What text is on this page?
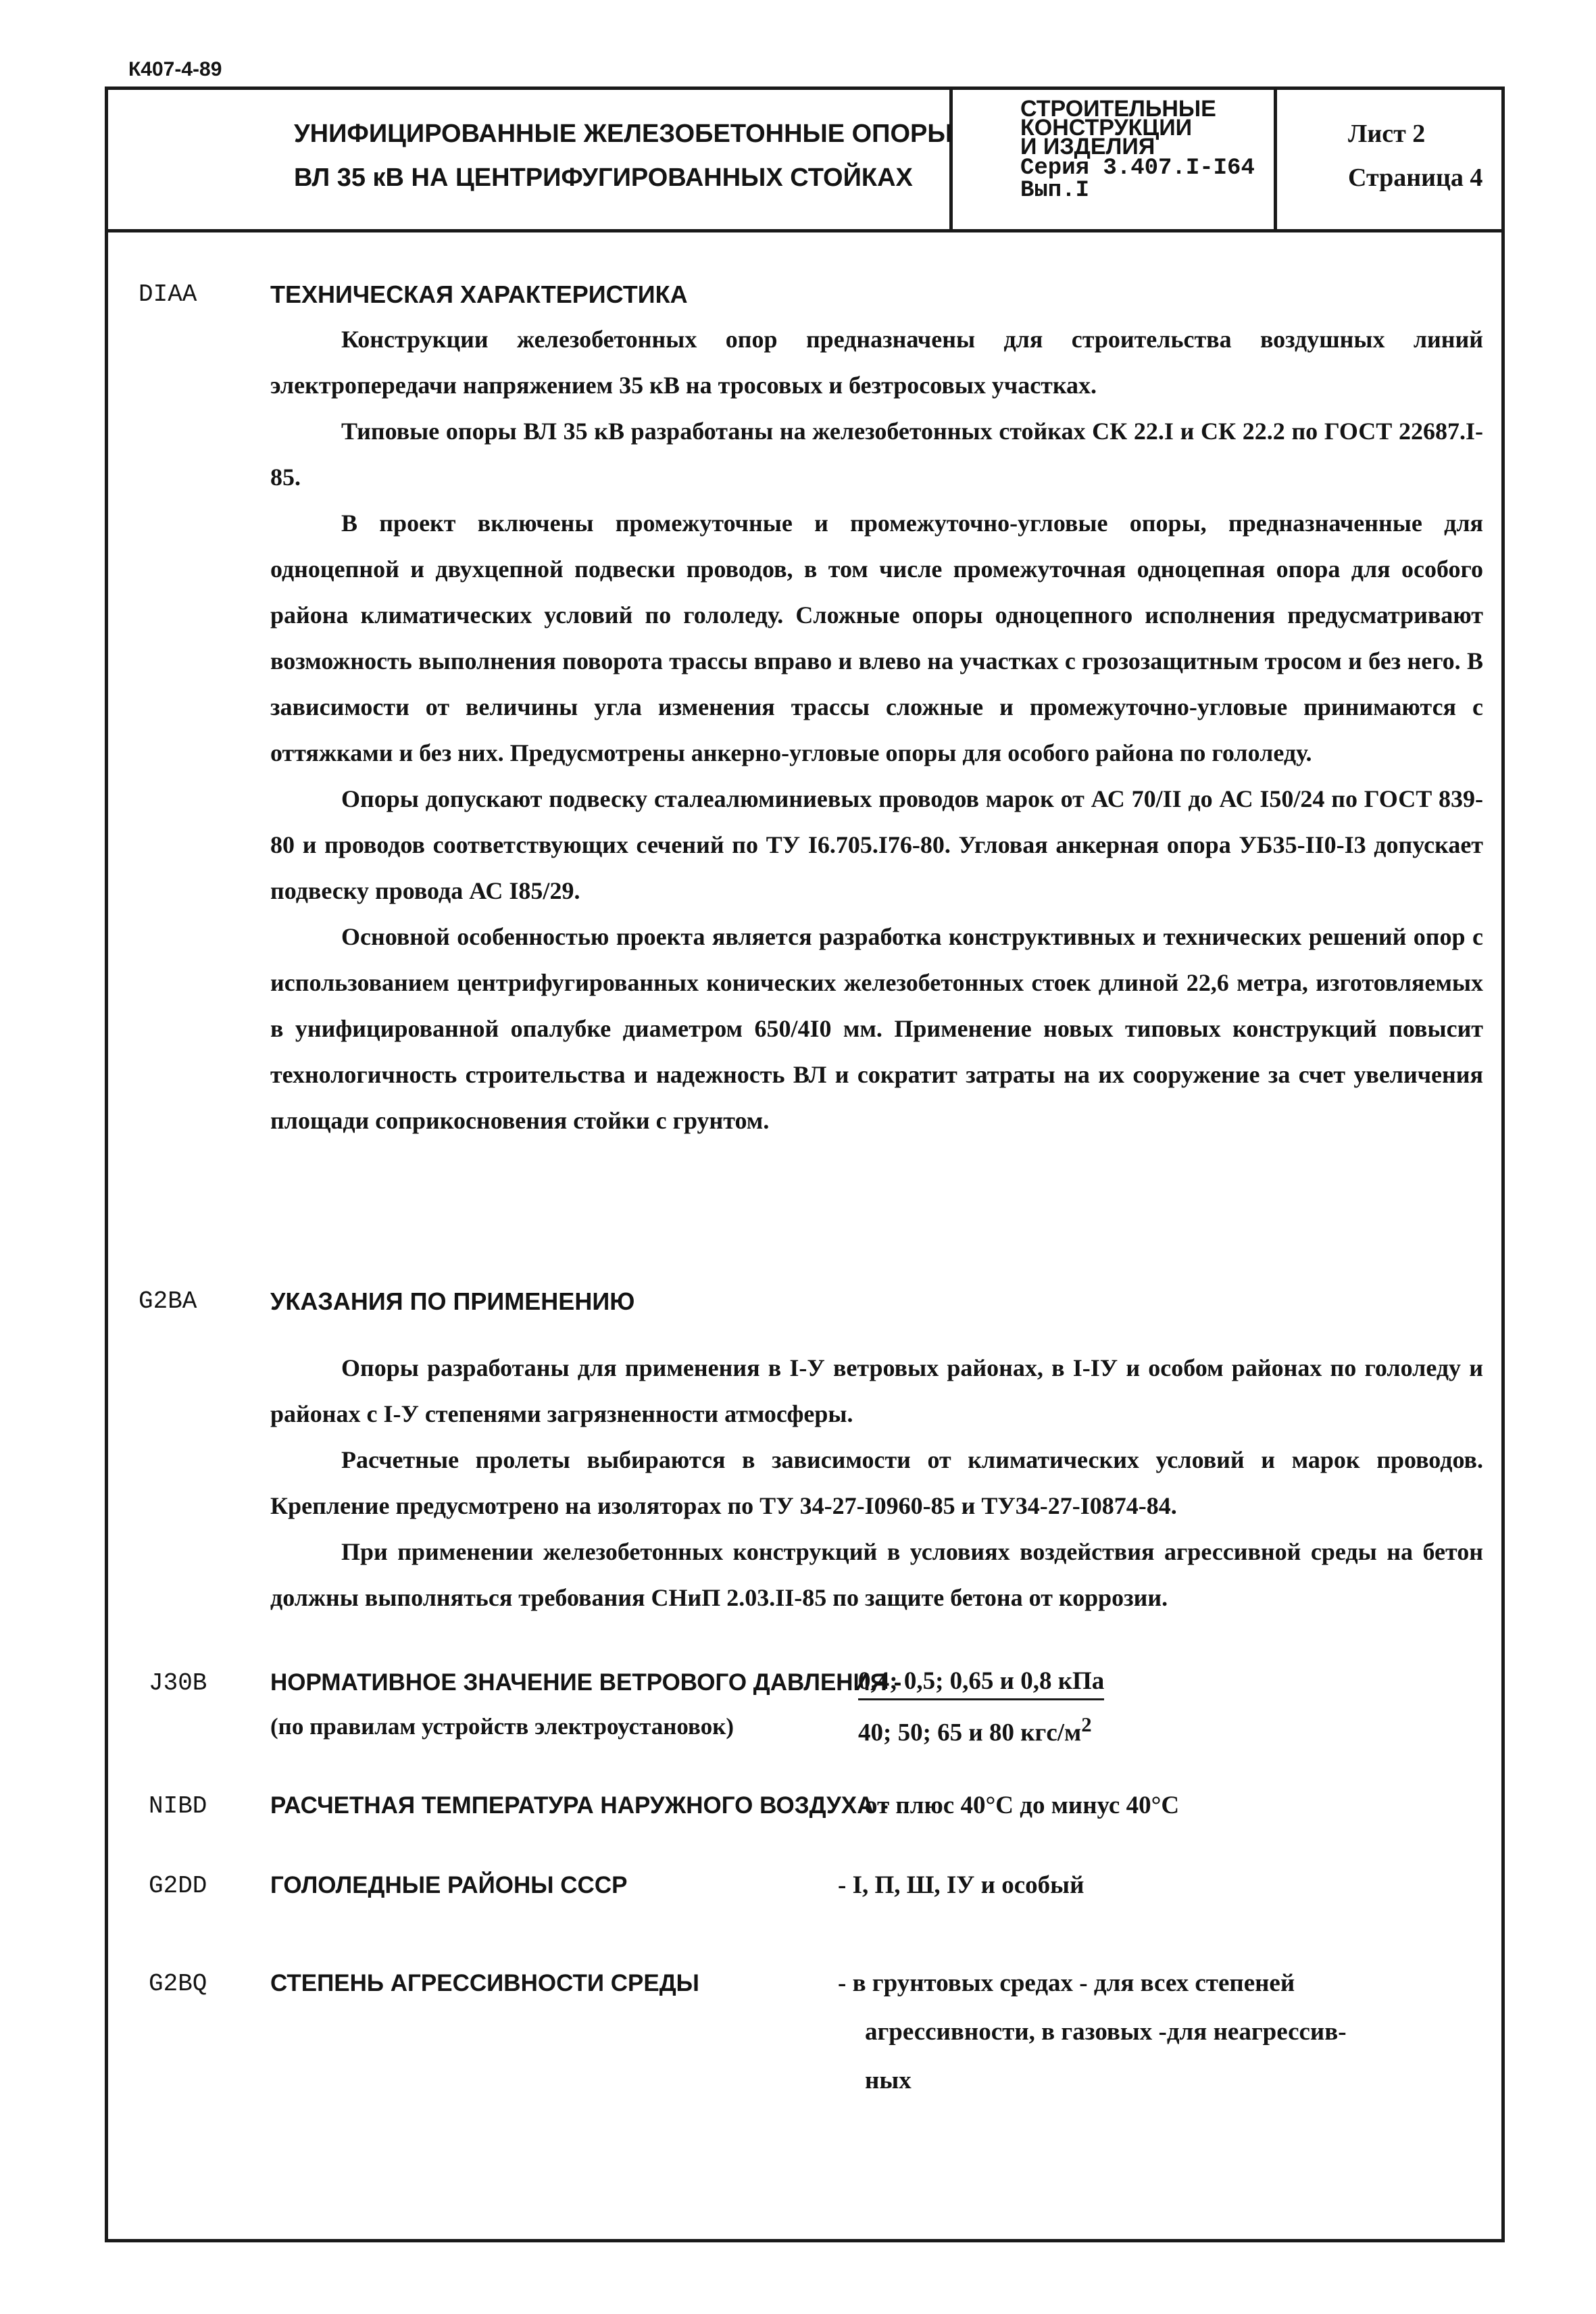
К407-4-89
УНИФИЦИРОВАННЫЕ ЖЕЛЕЗОБЕТОННЫЕ ОПОРЫ
ВЛ 35 кВ НА ЦЕНТРИФУГИРОВАННЫХ СТОЙКАХ
СТРОИТЕЛЬНЫЕ
КОНСТРУКЦИИ
И ИЗДЕЛИЯ
Серия 3.407.I-I64
Вып.I
Лист 2
Страница 4
DIAA	ТЕХНИЧЕСКАЯ ХАРАКТЕРИСТИКА

Конструкции железобетонных опор предназначены для строительства воздушных линий электропередачи напряжением 35 кВ на тросовых и безтросовых участках.

Типовые опоры ВЛ 35 кВ разработаны на железобетонных стойках СК 22.I и СК 22.2 по ГОСТ 22687.I-85.

В проект включены промежуточные и промежуточно-угловые опоры, предназначенные для одноцепной и двухцепной подвески проводов, в том числе промежуточная одноцепная опора для особого района климатических условий по гололеду. Сложные опоры одноцепного исполнения предусматривают возможность выполнения поворота трассы вправо и влево на участках с грозозащитным тросом и без него. В зависимости от величины угла изменения трассы сложные и промежуточно-угловые принимаются с оттяжками и без них. Предусмотрены анкерно-угловые опоры для особого района по гололеду.

Опоры допускают подвеску сталеалюминиевых проводов марок от АС 70/II до АС I50/24 по ГОСТ 839-80 и проводов соответствующих сечений по ТУ I6.705.I76-80. Угловая анкерная опора УБ35-II0-I3 допускает подвеску провода АС I85/29.

Основной особенностью проекта является разработка конструктивных и технических решений опор с использованием центрифугированных конических железобетонных стоек длиной 22,6 метра, изготовляемых в унифицированной опалубке диаметром 650/4I0 мм. Применение новых типовых конструкций повысит технологичность строительства и надежность ВЛ и сократит затраты на их сооружение за счет увеличения площади соприкосновения стойки с грунтом.

G2BA	УКАЗАНИЯ ПО ПРИМЕНЕНИЮ

Опоры разработаны для применения в I-У ветровых районах, в I-IУ и особом районах по гололеду и районах с I-У степенями загрязненности атмосферы.

Расчетные пролеты выбираются в зависимости от климатических условий и марок проводов. Крепление предусмотрено на изоляторах по ТУ 34-27-I0960-85 и ТУ34-27-I0874-84.

При применении железобетонных конструкций в условиях воздействия агрессивной среды на бетон должны выполняться требования СНиП 2.03.II-85 по защите бетона от коррозии.

J30B	НОРМАТИВНОЕ ЗНАЧЕНИЕ ВЕТРОВОГО ДАВЛЕНИЯ -
(по правилам устройств электроустановок)
0,4; 0,5; 0,65 и 0,8 кПа
40; 50; 65 и 80 кгс/$м^2$
NIBD	РАСЧЕТНАЯ ТЕМПЕРАТУРА НАРУЖНОГО ВОЗДУХА -
от плюс 40°С до минус 40°С
G2DD	ГОЛОЛЕДНЫЕ РАЙОНЫ СССР	- I, П, Ш, IУ и особый
G2BQ	СТЕПЕНЬ АГРЕССИВНОСТИ СРЕДЫ	- в грунтовых средах - для всех степеней
агрессивности, в газовых -для неагрессив-
ных
